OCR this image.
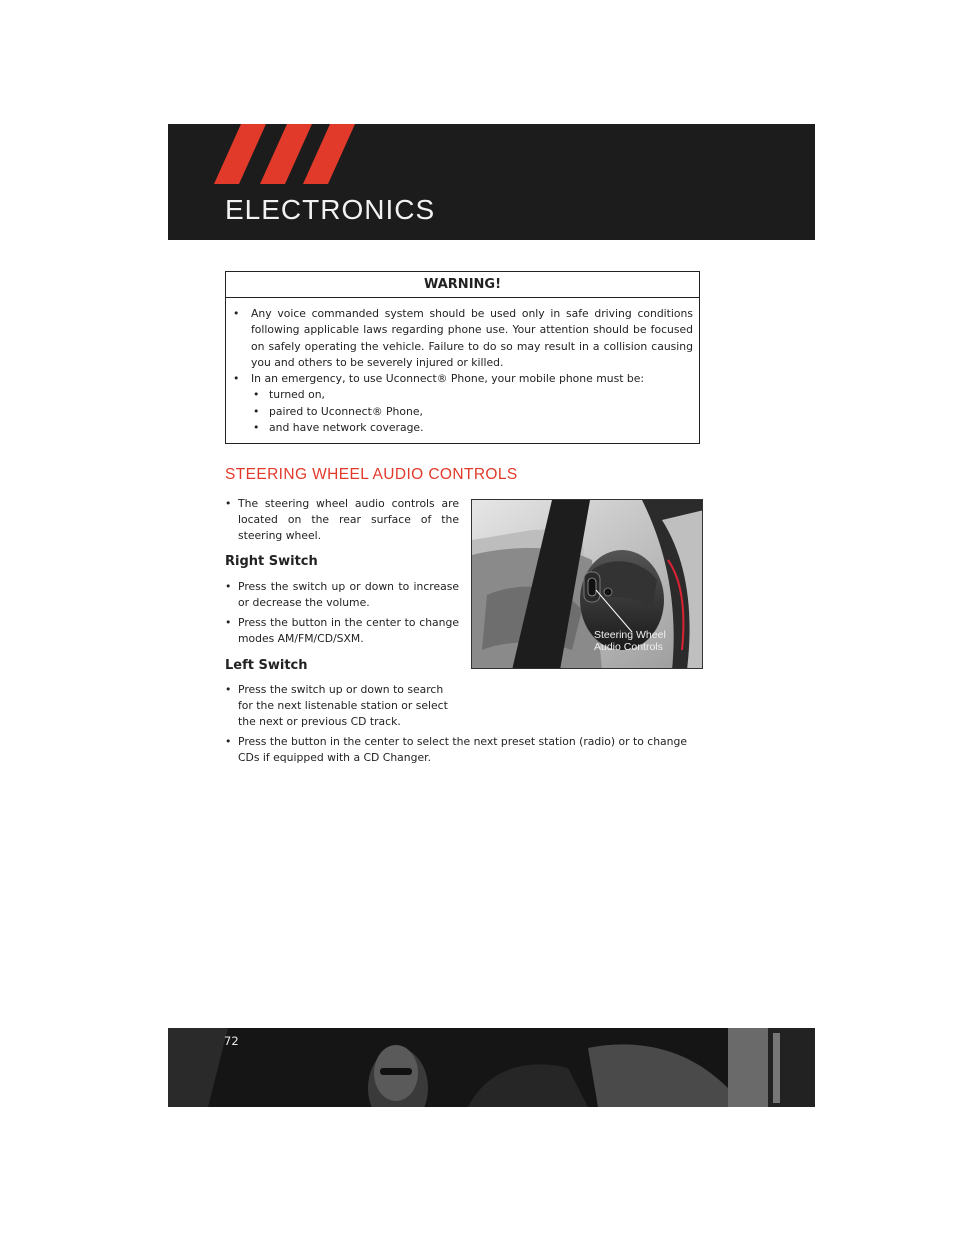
ELECTRONICS
WARNING!
• Any voice commanded system should be used only in safe driving conditions following applicable laws regarding phone use. Your attention should be focused on safely operating the vehicle. Failure to do so may result in a collision causing you and others to be severely injured or killed.
• In an emergency, to use Uconnect® Phone, your mobile phone must be:
• turned on,
• paired to Uconnect® Phone,
• and have network coverage.
STEERING WHEEL AUDIO CONTROLS
• The steering wheel audio controls are located on the rear surface of the steering wheel.
Right Switch
• Press the switch up or down to increase or decrease the volume.
• Press the button in the center to change modes AM/FM/CD/SXM.
Left Switch
• Press the switch up or down to search for the next listenable station or select the next or previous CD track.
• Press the button in the center to select the next preset station (radio) or to change CDs if equipped with a CD Changer.
Steering Wheel
Audio Controls
72
